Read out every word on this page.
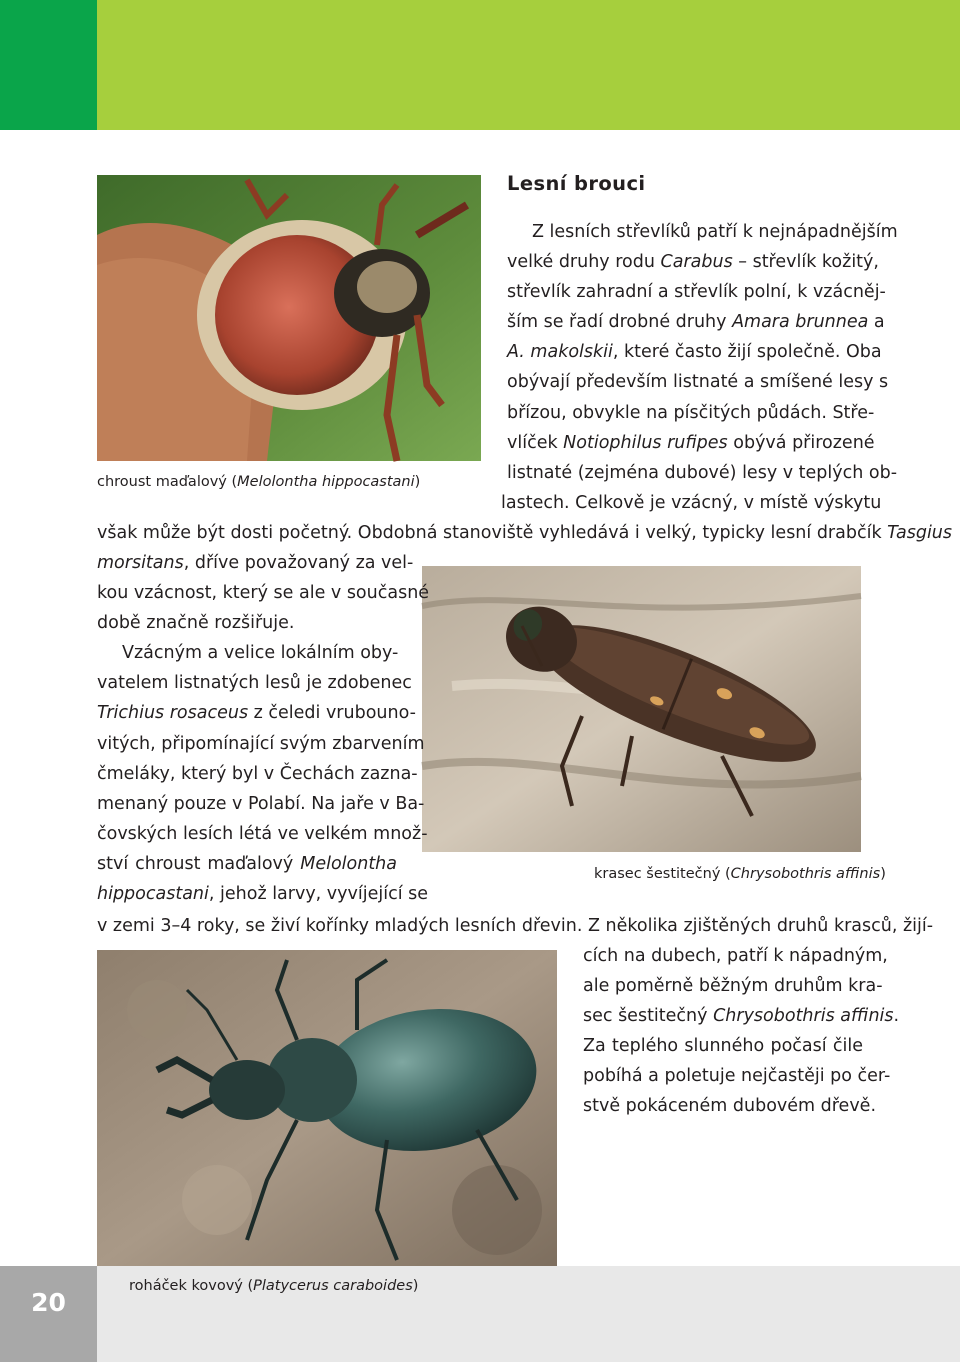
Lesní brouci
chroust maďalový (Melolontha hippocastani)
Z lesních střevlíků patří k nejnápadnějším
velké druhy rodu Carabus – střevlík kožitý,
střevlík zahradní a střevlík polní, k vzácněj-
ším se řadí drobné druhy Amara brunnea a
A. makolskii, které často žijí společně. Oba
obývají především listnaté a smíšené lesy s
břízou, obvykle na písčitých půdách. Stře-
vlíček Notiophilus rufipes obývá přirozené
listnaté (zejména dubové) lesy v teplých ob-
lastech. Celkově je vzácný, v místě výskytu
však může být dosti početný. Obdobná stanoviště vyhledává i velký, typicky lesní drabčík Tasgius
morsitans, dříve považovaný za vel-
kou vzácnost, který se ale v současné
době značně rozšiřuje.
Vzácným a velice lokálním oby-
vatelem listnatých lesů je zdobenec
Trichius rosaceus z čeledi vrubouno-
vitých, připomínající svým zbarvením
čmeláky, který byl v Čechách zazna-
menaný pouze v Polabí. Na jaře v Ba-
čovských lesích létá ve velkém množ-
ství chroust maďalový Melolontha
hippocastani, jehož larvy, vyvíjející se
krasec šestitečný (Chrysobothris affinis)
v zemi 3–4 roky, se živí kořínky mladých lesních dřevin. Z několika zjištěných druhů krasců, žijí-
cích na dubech, patří k nápadným,
ale poměrně běžným druhům kra-
sec šestitečný Chrysobothris affinis.
Za teplého slunného počasí čile
pobíhá a poletuje nejčastěji po čer-
stvě pokáceném dubovém dřevě.
20
roháček kovový (Platycerus caraboides)
